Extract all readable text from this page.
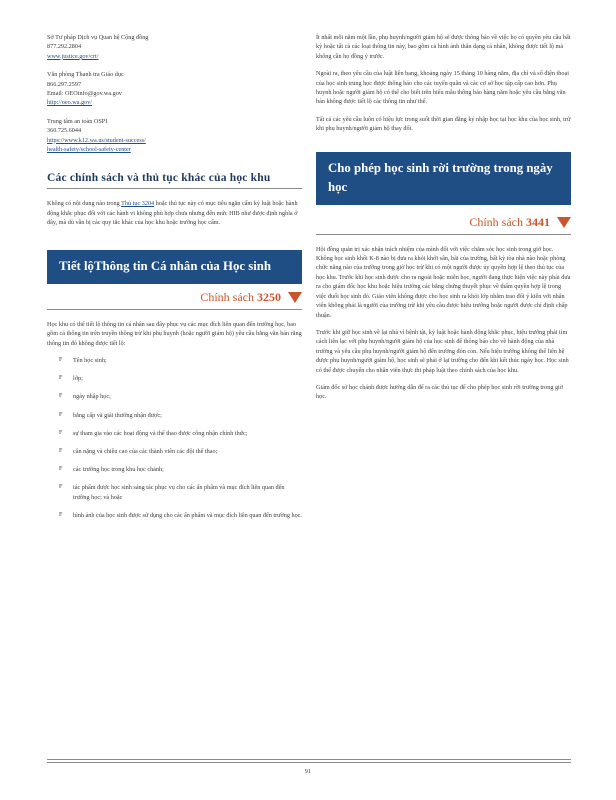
Sở Tư pháp Dịch vụ Quan hệ Cộng đồng
877.292.2804
www.justice.gov/crt/
Văn phòng Thanh tra Giáo dục
866.297.2597
Email: OEOinfo@gov.wa.gov
http://oeo.wa.gov/
Trung tâm an toàn OSPI
360.725.6044
https://www.k12.wa.us/student-success/
health-safety/school-safety-center
Các chính sách và thủ tục khác của học khu

Không có nội dung nào trong Thủ tục 3204 hoặc thủ tục này có mục tiêu ngăn cấm kỷ luật hoặc hành động khắc phục đối với các hành vi không phù hợp chưa nhưng đến mức HIB như được định nghĩa ở đây, mà dù vẫn bị các quy tắc khác của học khu hoặc trường học cấm.

Tiết lộThông tin Cá nhân của Học sinh
Chính sách 3250

Học khu có thể tiết lộ thông tin cá nhân sau đây phục vụ các mục đích liên quan đến trường học, bao gồm cả thông tin trên truyền thông trừ khi phụ huynh (hoặc người giám hộ) yêu cầu bằng văn bản rằng thông tin đó không được tiết lộ:

F Tên học sinh;
F lớp;
F ngày nhập học;
F bằng cấp và giải thưởng nhận được;
F sự tham gia vào các hoạt động và thể thao được công nhận chính thức;
F cân nặng và chiều cao của các thành viên các đội thể thao;
F các trường học trong khu học chánh;
F tác phẩm được học sinh sáng tác phục vụ cho các ấn phẩm và mục đích liên quan đến trường học; và hoặc
F hình ảnh của học sinh được sử dụng cho các ấn phẩm và mục đích liên quan đến trường học.

Ít nhất mỗi năm một lần, phụ huynh/người giám hộ sẽ được thông báo về việc họ có quyền yêu cầu bất kỳ hoặc tất cả các loại thông tin này, bao gồm cả hình ảnh thân dạng cá nhân, không được tiết lộ mà không cần họ đồng ý trước.

Ngoài ra, theo yêu cầu của luật liên bang, khoảng ngày 15 tháng 10 hàng năm, địa chỉ và số điện thoại của học sinh trung học được thông báo cho các tuyển quân và các cơ sở học tập cấp cao hơn. Phụ huynh hoặc người giám hộ có thể cho biết trên biểu mẫu thông báo hàng năm hoặc yêu cầu bằng văn bản không được tiết lộ các thông tin như thế.

Tất cả các yêu cầu luôn có hiệu lực trong suốt thời gian đăng ký nhập học tại học khu của học sinh, trừ khi phụ huynh/người giám hộ thay đổi.

Cho phép học sinh rời trường trong ngày học
Chính sách 3441

Hội đồng quản trị xác nhận trách nhiệm của mình đối với việc chăm sóc học sinh trong giờ học. Không học sinh khối K-8 nào bị đưa ra khỏi khởi sân, bãi của trường, bất kỳ tòa nhà nào hoặc phòng chức năng nào của trường trong giờ học trừ khi có một người được ủy quyền hợp lệ theo thủ tục của học khu. Trước khi học sinh được cho ra ngoài hoặc miễn học, người đang thực hiện việc này phải đưa ra cho giám đốc học khu hoặc hiệu trưởng các bằng chứng thuyết phục về thẩm quyền hợp lệ trong việc đuổi học sinh đó. Giáo viên không được cho học sinh ra khỏi lớp nhằm trao đổi ý kiến với nhân viên không phải là người của trường trừ khi yêu cầu được hiệu trưởng hoặc người được chỉ định chấp thuận.

Trước khi giữ học sinh về lại nhà vì bệnh tật, kỷ luật hoặc hành động khắc phục, hiệu trưởng phải tìm cách liên lạc với phụ huynh/người giám hộ của học sinh để thông báo cho về hành động của nhà trường và yêu cầu phụ huynh/người giám hộ đến trường đón con. Nếu hiệu trưởng không thể liên hệ được phụ huynh/người giám hộ, học sinh sẽ phải ở lại trường cho đến khi kết thúc ngày học. Học sinh có thể được chuyển cho nhân viên thực thi pháp luật theo chính sách của học khu.

Giám đốc sở học chánh được hướng dẫn để ra các thủ tục để cho phép học sinh rời trường trong giờ học.

91
